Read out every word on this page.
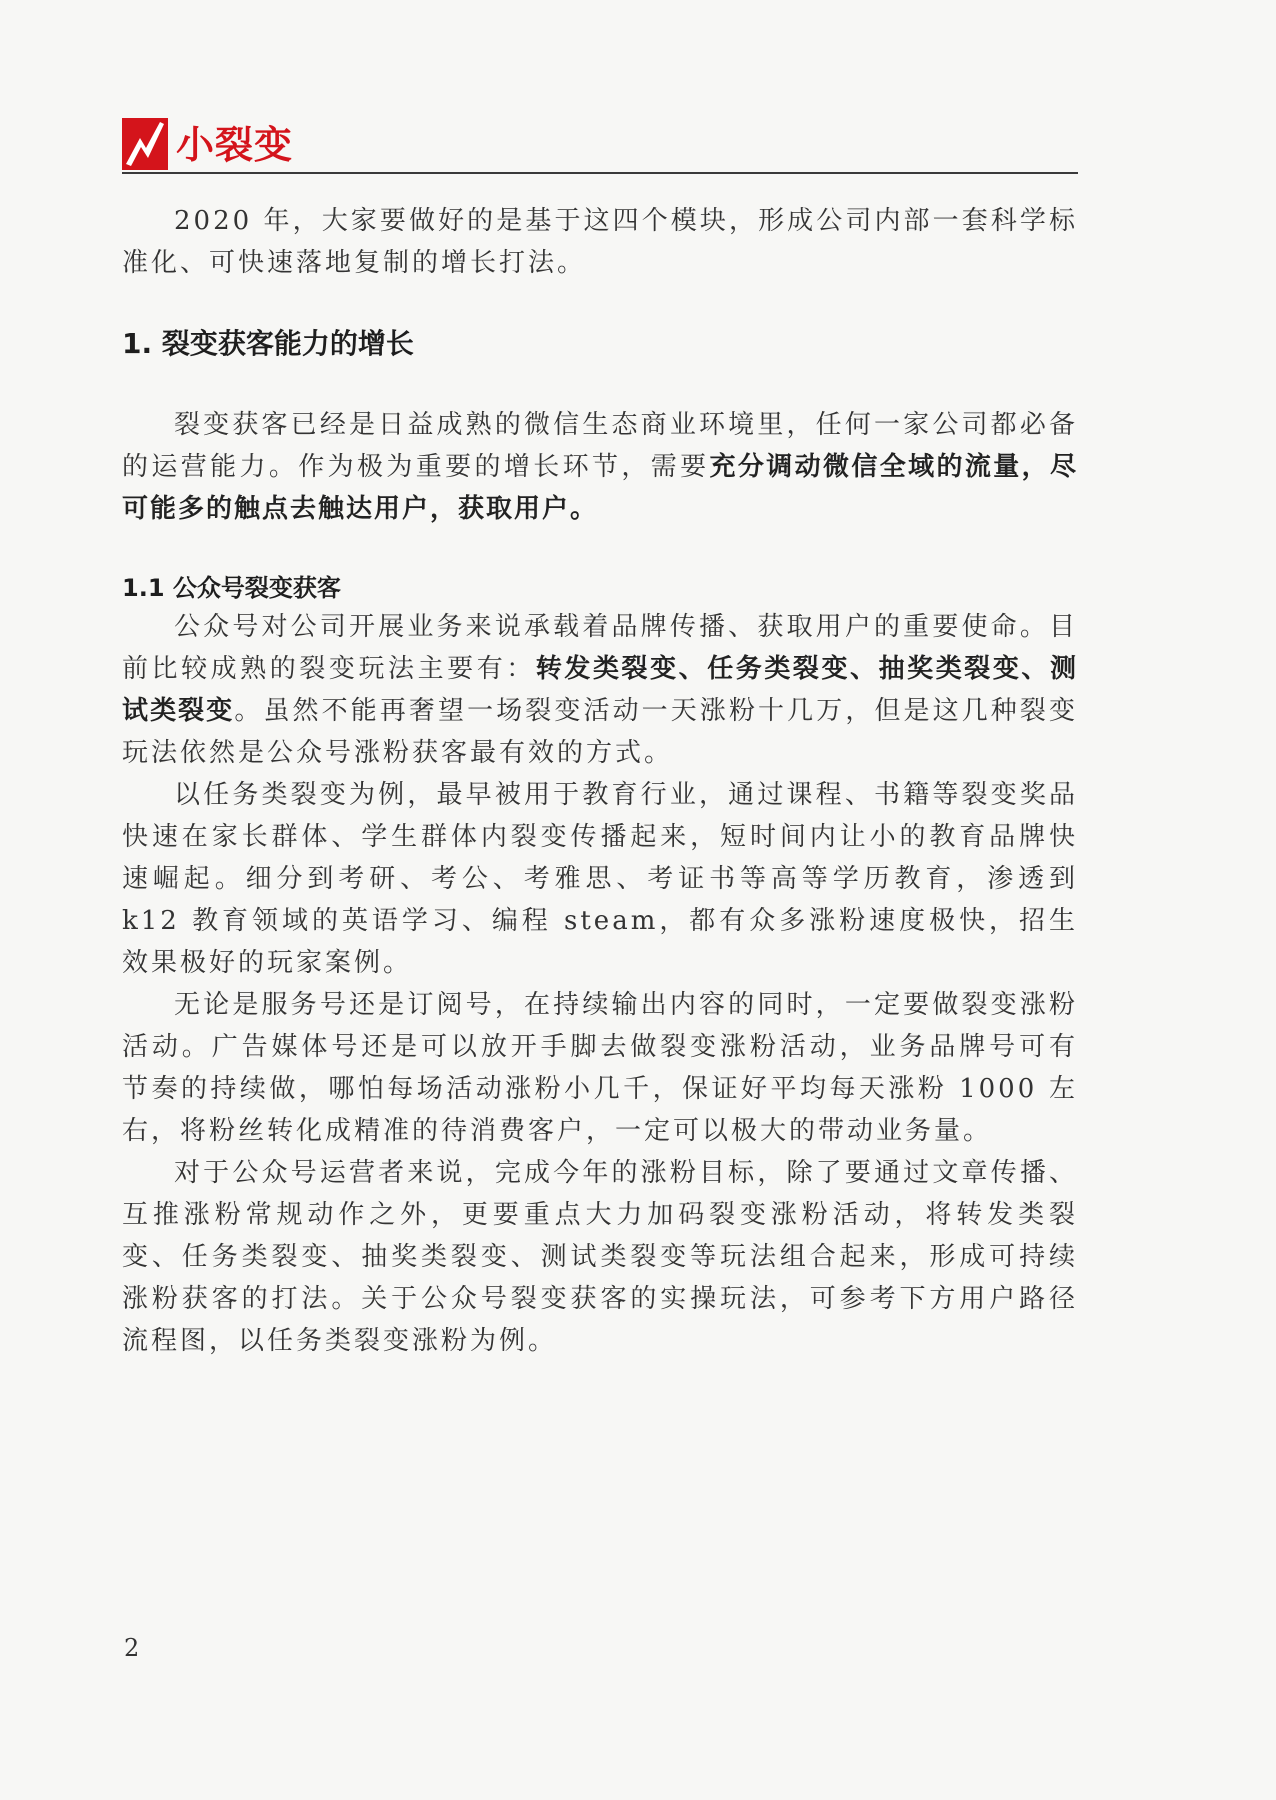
小裂变

2020 年，大家要做好的是基于这四个模块，形成公司内部一套科学标准化、可快速落地复制的增长打法。

1. 裂变获客能力的增长

裂变获客已经是日益成熟的微信生态商业环境里，任何一家公司都必备的运营能力。作为极为重要的增长环节，需要充分调动微信全域的流量，尽可能多的触点去触达用户，获取用户。

1.1 公众号裂变获客

公众号对公司开展业务来说承载着品牌传播、获取用户的重要使命。目前比较成熟的裂变玩法主要有：转发类裂变、任务类裂变、抽奖类裂变、测试类裂变。虽然不能再奢望一场裂变活动一天涨粉十几万，但是这几种裂变玩法依然是公众号涨粉获客最有效的方式。

以任务类裂变为例，最早被用于教育行业，通过课程、书籍等裂变奖品快速在家长群体、学生群体内裂变传播起来，短时间内让小的教育品牌快速崛起。细分到考研、考公、考雅思、考证书等高等学历教育，渗透到 k12 教育领域的英语学习、编程 steam，都有众多涨粉速度极快，招生效果极好的玩家案例。

无论是服务号还是订阅号，在持续输出内容的同时，一定要做裂变涨粉活动。广告媒体号还是可以放开手脚去做裂变涨粉活动，业务品牌号可有节奏的持续做，哪怕每场活动涨粉小几千，保证好平均每天涨粉 1000 左右，将粉丝转化成精准的待消费客户，一定可以极大的带动业务量。

对于公众号运营者来说，完成今年的涨粉目标，除了要通过文章传播、互推涨粉常规动作之外，更要重点大力加码裂变涨粉活动，将转发类裂变、任务类裂变、抽奖类裂变、测试类裂变等玩法组合起来，形成可持续涨粉获客的打法。关于公众号裂变获客的实操玩法，可参考下方用户路径流程图，以任务类裂变涨粉为例。

2
